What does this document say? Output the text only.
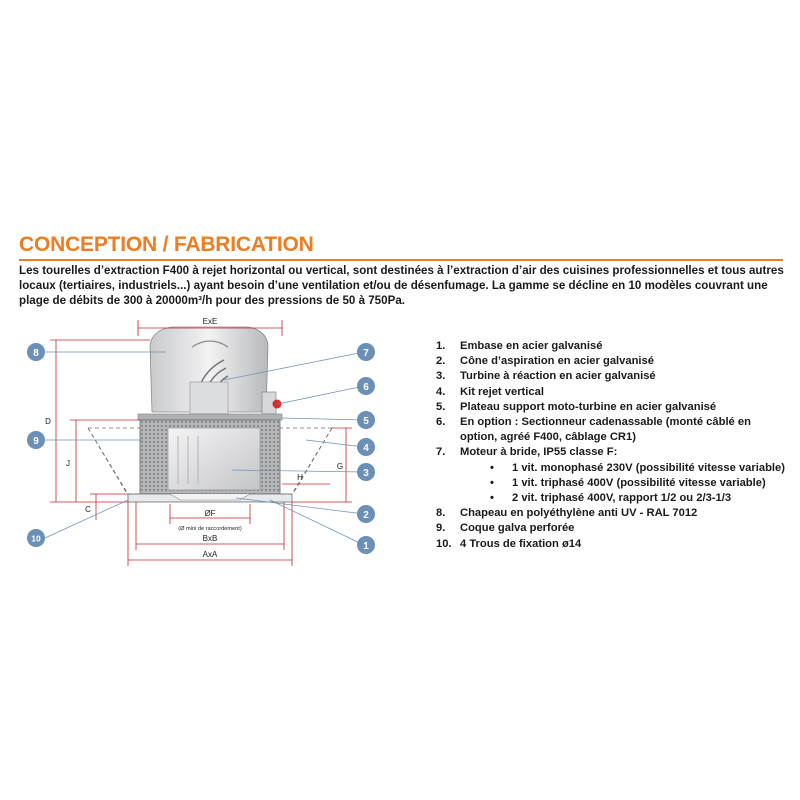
CONCEPTION / FABRICATION

Les tourelles d’extraction F400 à rejet horizontal ou vertical, sont destinées à l’extraction d’air des cuisines professionnelles et tous autres locaux (tertiaires, industriels...) ayant besoin d’une ventilation et/ou de désenfumage. La gamme se décline en 10 modèles couvrant une plage de débits de 300 à 20000m³/h pour des pressions de 50 à 750Pa.

ExE
D
J	G
H
C	ØF
(Ø mini de raccordement)
BxB
AxA
8
9
10
7
6
5
4
3
2
1
1. Embase en acier galvanisé
2. Cône d’aspiration en acier galvanisé
3. Turbine à réaction en acier galvanisé
4. Kit rejet vertical
5. Plateau support moto-turbine en acier galvanisé
6. En option : Sectionneur cadenassable (monté câblé en option, agréé F400, câblage CR1)
7. Moteur à bride, IP55 classe F:
• 1 vit. monophasé 230V (possibilité vitesse variable)
• 1 vit. triphasé 400V (possibilité vitesse variable)
• 2 vit. triphasé 400V, rapport 1/2 ou 2/3-1/3
8. Chapeau en polyéthylène anti UV - RAL 7012
9. Coque galva perforée
10. 4 Trous de fixation ø14
